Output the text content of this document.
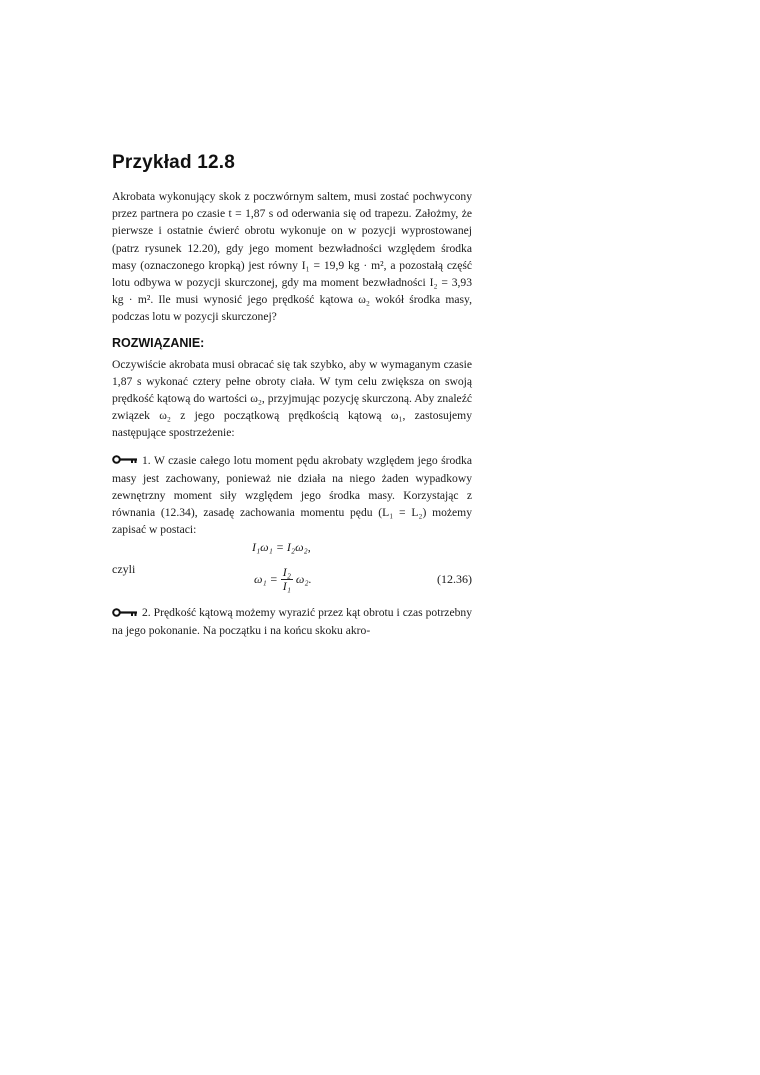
Przykład 12.8

Akrobata wykonujący skok z poczwórnym saltem, musi zostać pochwycony przez partnera po czasie t = 1,87 s od oderwania się od trapezu. Założmy, że pierwsze i ostatnie ćwierć obrotu wykonuje on w pozycji wyprostowanej (patrz rysunek 12.20), gdy jego moment bezwładności względem środka masy (oznaczonego kropką) jest równy I₁ = 19,9 kg · m², a pozostałą część lotu odbywa w pozycji skurczonej, gdy ma moment bezwładności I₂ = 3,93 kg · m². Ile musi wynosić jego prędkość kątowa ω₂ wokół środka masy, podczas lotu w pozycji skurczonej?

ROZWIĄZANIE:

Oczywiście akrobata musi obracać się tak szybko, aby w wymaganym czasie 1,87 s wykonać cztery pełne obroty ciała. W tym celu zwiększa on swoją prędkość kątową do wartości ω₂, przyjmując pozycję skurczoną. Aby znaleźć związek ω₂ z jego początkową prędkością kątową ω₁, zastosujemy następujące spostrzeżenie:

1. W czasie całego lotu moment pędu akrobaty względem jego środka masy jest zachowany, ponieważ nie działa na niego żaden wypadkowy zewnętrzny moment siły względem jego środka masy. Korzystając z równania (12.34), zasadę zachowania momentu pędu (L₁ = L₂) możemy zapisać w postaci:

I₁ω₁ = I₂ω₂,
czyli
$\omega_1 = \frac{\text{I₂}}{\text{I₁}} \omega_2$.	(12.36)

2. Prędkość kątową możemy wyrazić przez kąt obrotu i czas potrzebny na jego pokonanie. Na początku i na końcu skoku akro-
